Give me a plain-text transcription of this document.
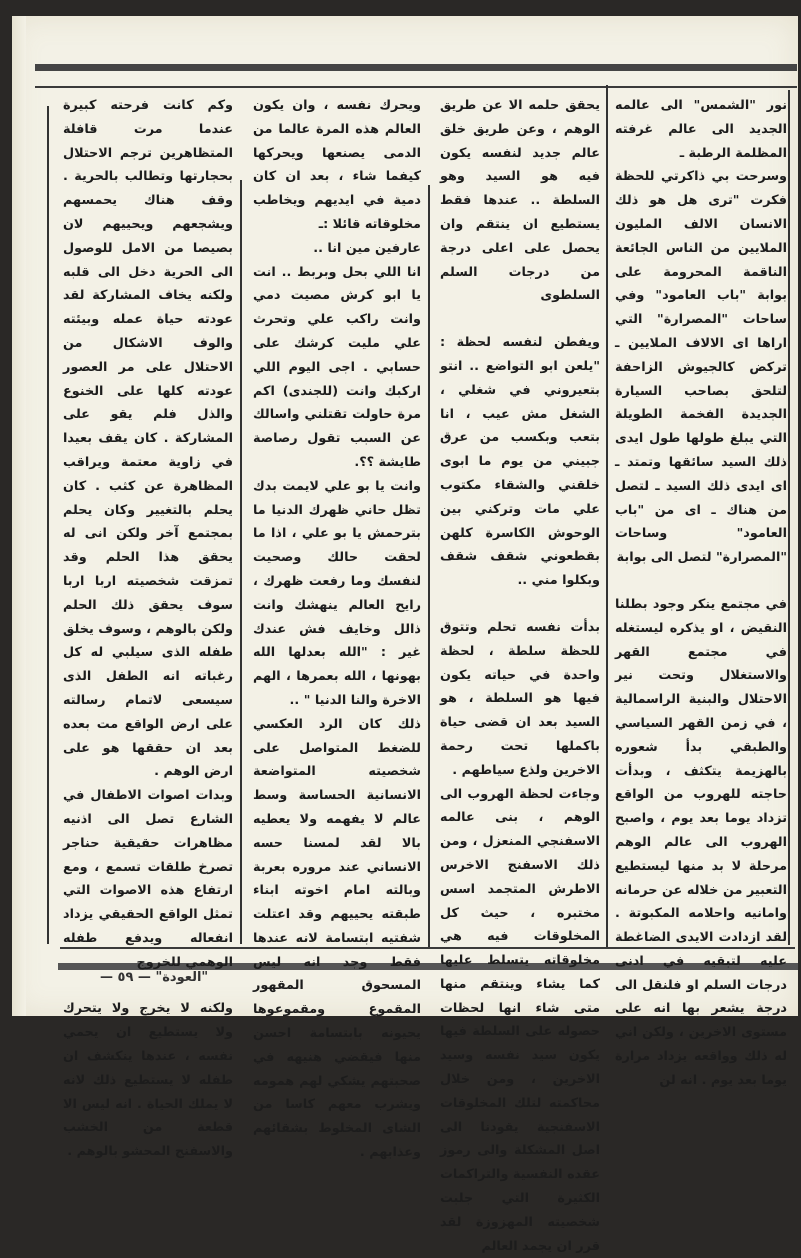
نور "الشمس" الى عالمه الجديد الى عالم غرفته المظلمة الرطبة ـ

وسرحت بي ذاكرتي للحظة فكرت "ترى هل هو ذلك الانسان الالف المليون الملايين من الناس الجائعة الناقمة المحرومة على بوابة "باب العامود" وفي ساحات "المصرارة" التي اراها اى الالاف الملايين ـ تركض كالجيوش الزاحفة لتلحق بصاحب السيارة الجديدة الفخمة الطويلة التي يبلغ طولها طول ايدى ذلك السيد سائقها وتمتد ـ اى ايدى ذلك السيد ـ لتصل من هناك ـ اى من "باب العامود" وساحات "المصرارة" لتصل الى بوابة

في مجتمع ينكر وجود بطلنا النقيض ، او يذكره ليستغله في مجتمع القهر والاستغلال وتحت نير الاحتلال والبنية الراسمالية ، في زمن القهر السياسي والطبقي بدأ شعوره بالهزيمة يتكثف ، وبدأت حاجته للهروب من الواقع تزداد يوما بعد يوم ، واصبح الهروب الى عالم الوهم مرحلة لا بد منها ليستطيع التعبير من خلاله عن حرمانه وامانيه واحلامه المكبوتة . لقد ازدادت الايدى الضاغطة عليه لتبقيه في ادنى درجات السلم او فلنقل الى درجة يشعر بها انه على مستوى الاخرين ، ولكن اني له ذلك وواقعه يزداد مرارة يوما بعد يوم . انه لن

يحقق حلمه الا عن طريق الوهم ، وعن طريق خلق عالم جديد لنفسه يكون فيه هو السيد وهو السلطة .. عندها فقط يستطيع ان ينتقم وان يحصل على اعلى درجة من درجات السلم السلطوى

ويفطن لنفسه لحظة : "يلعن ابو التواضع .. انتو بتعيروني في شغلي ، الشغل مش عيب ، انا بتعب وبكسب من عرق جبيني من يوم ما ابوى خلقني والشقاء مكتوب علي مات وتركني بين الوحوش الكاسرة كلهن بقطعوني شقف شقف وبكلوا مني ..

بدأت نفسه تحلم وتتوق للحظة سلطة ، لحظة واحدة في حياته يكون فيها هو السلطة ، هو السيد بعد ان قضى حياة باكملها تحت رحمة الاخرين ولذع سياطهم .

وجاءت لحظة الهروب الى الوهم ، بنى عالمه الاسفنجي المنعزل ، ومن ذلك الاسفنج الاخرس الاطرش المتجمد اسس مختبره ، حيث كل المخلوقات فيه هي مخلوقاته يتسلط عليها كما يشاء وينتقم منها متى شاء انها لحظات حصوله على السلطة فيها يكون سيد نفسه وسيد الاخرين ، ومن خلال محاكمته لتلك المخلوقات الاسفنجية يقودنا الى اصل المشكلة والى رموز عقده النفسية والتراكمات الكثيرة التي جلبت شخصيته المهزوزة لقد قرر ان يجمد العالم

ويحرك نفسه ، وان يكون العالم هذه المرة عالما من الدمى يصنعها ويحركها كيفما شاء ، بعد ان كان دمية في ايديهم ويخاطب مخلوقاته قائلا :ـ

عارفين مين انا ..

انا اللي بحل وبربط .. انت يا ابو كرش مصيت دمي وانت راكب علي وتحرث علي مليت كرشك على حسابي . اجى اليوم اللي اركبك وانت (للجندى) اكم مرة حاولت تقتلني واسالك عن السبب تقول رصاصة طايشة ؟؟.

وانت يا بو علي لايمت بدك تظل حاني ظهرك الدنيا ما بترحمش يا بو علي ، اذا ما لحقت حالك وصحيت لنفسك وما رفعت ظهرك ، رايح العالم ينهشك وانت ذالل وخايف فش عندك غير : "الله بعدلها الله بهونها ، الله بعمرها ، الهم الاخرة والنا الدنيا " ..

ذلك كان الرد العكسي للضغط المتواصل على شخصيته المتواضعة الانسانية الحساسة وسط عالم لا يفهمه ولا يعطيه بالا لقد لمسنا حسه الانساني عند مروره بعربة وبالته امام اخوته ابناء طبقته يحييهم وقد اعتلت شفتيه ابتسامة لانه عندها فقط وجد انه ليس المسحوق المقهور المقموع ومقموعوها يحيونه بابتسامة احسن منها فيقضي هنيهه في صحبتهم يشكي لهم همومه ويشرب معهم كاسا من الشاى المخلوط بشقائهم وعذابهم .

وكم كانت فرحته كبيرة عندما مرت قافلة المتظاهرين ترجم الاحتلال بحجارتها وتطالب بالحرية . وقف هناك يحمسهم ويشجعهم ويحييهم لان بصيصا من الامل للوصول الى الحرية دخل الى قلبه ولكنه يخاف المشاركة لقد عودته حياة عمله وبيئته والوف الاشكال من الاحتلال على مر العصور عودته كلها على الخنوع والذل فلم يقو على المشاركة . كان يقف بعيدا في زاوية معتمة ويراقب المظاهرة عن كثب . كان يحلم بالتغيير وكان يحلم بمجتمع آخر ولكن انى له يحقق هذا الحلم وقد تمزقت شخصيته اربا اربا سوف يحقق ذلك الحلم ولكن بالوهم ، وسوف يخلق طفله الذى سيلبي له كل رغباته انه الطفل الذى سيسعى لاتمام رسالته على ارض الواقع مت بعده بعد ان حققها هو على ارض الوهم .

وبدات اصوات الاطفال في الشارع تصل الى اذنيه مظاهرات حقيقية حناجر تصرخ طلقات تسمع ، ومع ارتفاع هذه الاصوات التي تمثل الواقع الحقيقي يزداد انفعاله ويدفع طفله الوهمي للخروج

ولكنه لا يخرج ولا يتحرك ولا يستطيع ان يحمي نفسه ، عندها ينكشف ان طفله لا يستطيع ذلك لانه لا يملك الحياة . انه ليس الا قطعة من الخشب والاسفنج المحشو بالوهم .

"العودة" — ٥٩ —
